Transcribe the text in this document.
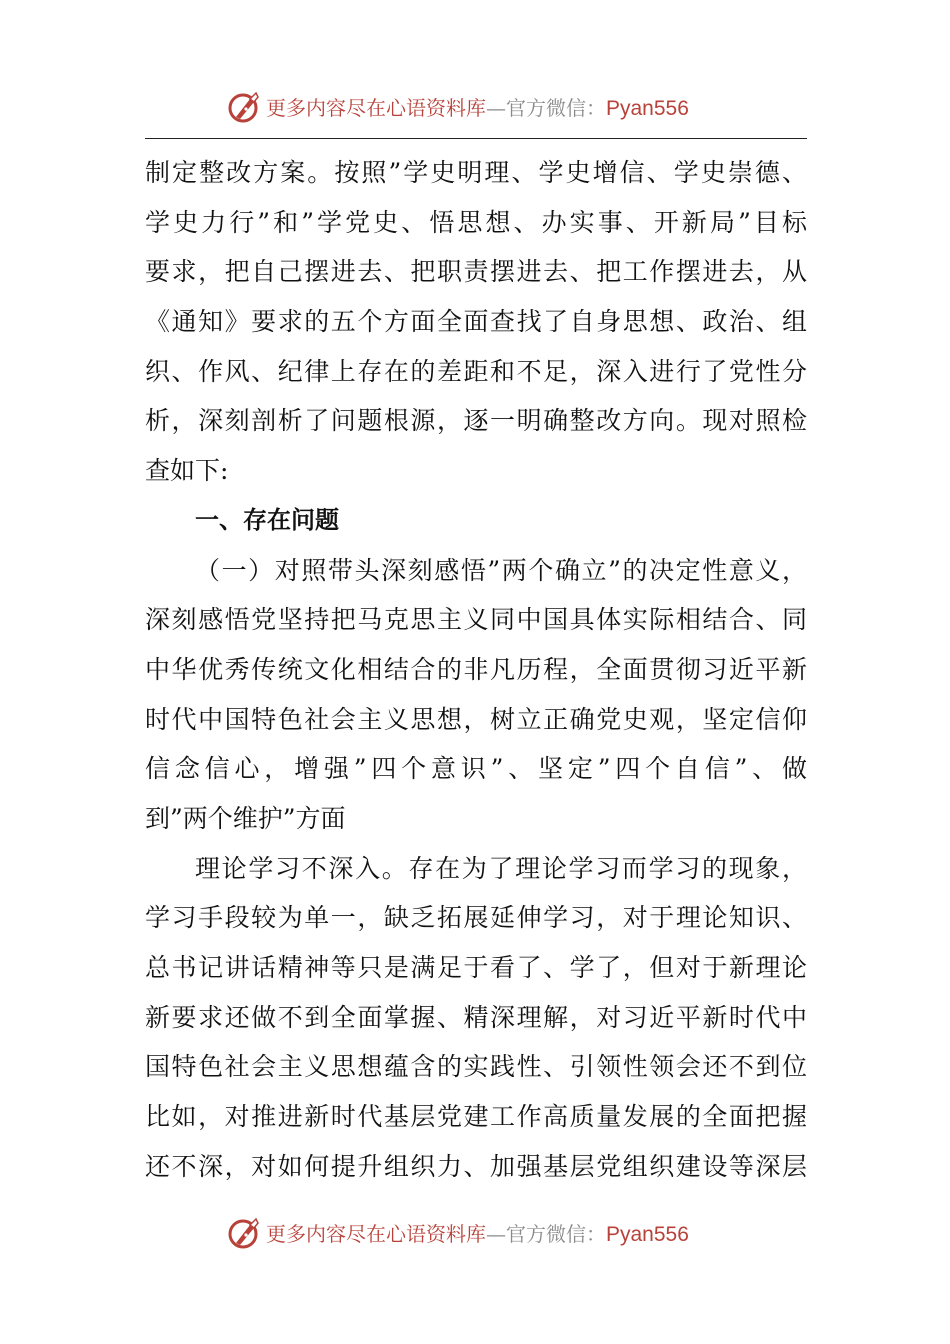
更多内容尽在心语资料库—官方微信：Pyan556
制定整改方案。按照”学史明理、学史增信、学史崇德、
学史力行”和”学党史、悟思想、办实事、开新局”目标
要求，把自己摆进去、把职责摆进去、把工作摆进去，从
《通知》要求的五个方面全面查找了自身思想、政治、组
织、作风、纪律上存在的差距和不足，深入进行了党性分
析，深刻剖析了问题根源，逐一明确整改方向。现对照检
查如下:
一、存在问题
（一）对照带头深刻感悟”两个确立”的决定性意义，
深刻感悟党坚持把马克思主义同中国具体实际相结合、同
中华优秀传统文化相结合的非凡历程，全面贯彻习近平新
时代中国特色社会主义思想，树立正确党史观，坚定信仰
信念信心，增强”四个意识”、坚定”四个自信”、做
到”两个维护”方面
理论学习不深入。存在为了理论学习而学习的现象，
学习手段较为单一，缺乏拓展延伸学习，对于理论知识、
总书记讲话精神等只是满足于看了、学了，但对于新理论
新要求还做不到全面掌握、精深理解，对习近平新时代中
国特色社会主义思想蕴含的实践性、引领性领会还不到位
比如，对推进新时代基层党建工作高质量发展的全面把握
还不深，对如何提升组织力、加强基层党组织建设等深层
更多内容尽在心语资料库—官方微信：Pyan556
